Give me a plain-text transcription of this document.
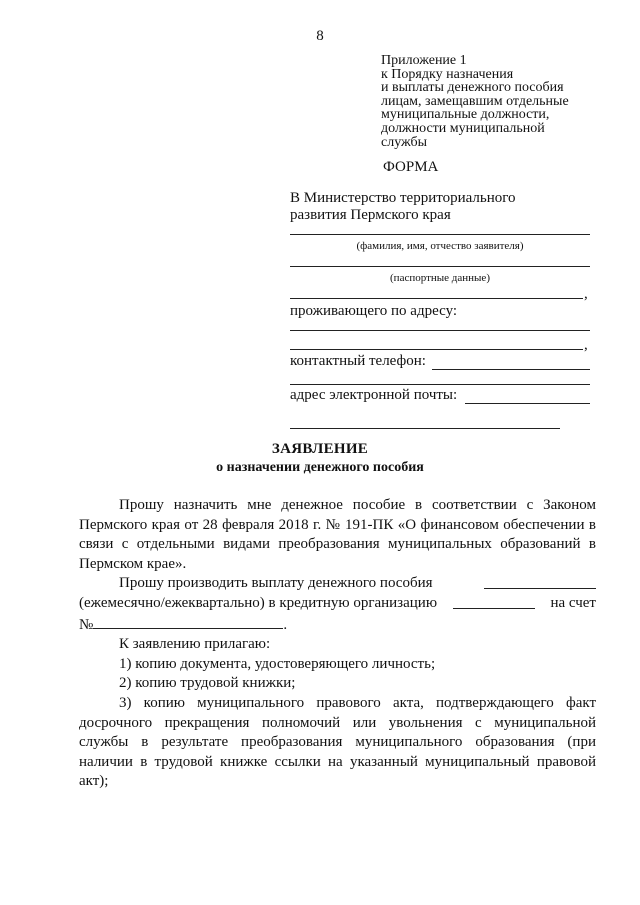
8
Приложение 1
к Порядку назначения
и выплаты денежного пособия
лицам, замещавшим отдельные
муниципальные должности,
должности муниципальной
службы
ФОРМА
В Министерство территориального
развития Пермского края
(фамилия, имя, отчество заявителя)
(паспортные данные)
,
проживающего по адресу:
,
контактный телефон:
адрес электронной почты:
ЗАЯВЛЕНИЕ
о назначении денежного пособия

Прошу назначить мне денежное пособие в соответствии с Законом Пермского края от 28 февраля 2018 г. № 191-ПК «О финансовом обеспечении в связи с отдельными видами преобразования муниципальных образований в Пермском крае».

Прошу производить выплату денежного пособия
(ежемесячно/ежеквартально) в кредитную организацию	на счет
№	.
К заявлению прилагаю:
1) копию документа, удостоверяющего личность;
2) копию трудовой книжки;

3) копию муниципального правового акта, подтверждающего факт досрочного прекращения полномочий или увольнения с муниципальной службы в результате преобразования муниципального образования (при наличии в трудовой книжке ссылки на указанный муниципальный правовой акт);
